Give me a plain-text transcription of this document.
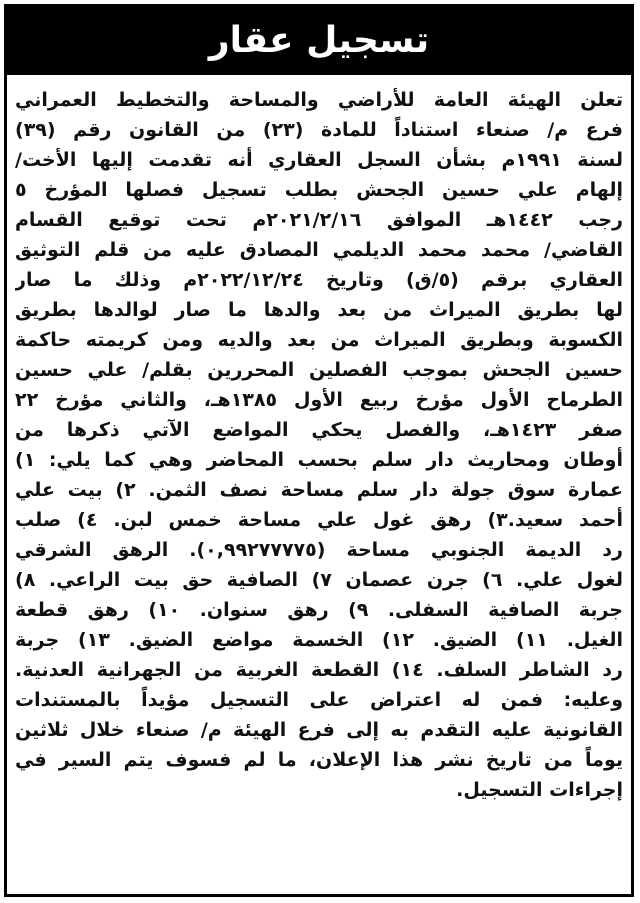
تسجيل عقار
تعلن الهيئة العامة للأراضي والمساحة والتخطيط العمراني
فرع م/ صنعاء استناداً للمادة (٢٣) من القانون رقم (٣٩)
لسنة ١٩٩١م بشأن السجل العقاري أنه تقدمت إليها الأخت/
إلهام علي حسين الجحش بطلب تسجيل فصلها المؤرخ ٥
رجب ١٤٤٢هـ الموافق ٢٠٢١/٢/١٦م تحت توقيع القسام
القاضي/ محمد محمد الديلمي المصادق عليه من قلم التوثيق
العقاري برقم (٥/ق) وتاريخ ٢٠٢٢/١٢/٢٤م وذلك ما صار
لها بطريق الميراث من بعد والدها ما صار لوالدها بطريق
الكسوبة وبطريق الميراث من بعد والديه ومن كريمته حاكمة
حسين الجحش بموجب الفصلين المحررين بقلم/ علي حسين
الطرماح الأول مؤرخ ربيع الأول ١٣٨٥هـ، والثاني مؤرخ ٢٢
صفر ١٤٢٣هـ، والفصل يحكي المواضع الآتي ذكرها من
أوطان ومحاريث دار سلم بحسب المحاضر وهي كما يلي: ١)
عمارة سوق جولة دار سلم مساحة نصف الثمن. ٢) بيت علي
أحمد سعيد.٣) رهق غول علي مساحة خمس لبن. ٤) صلب
رد الديمة الجنوبي مساحة (٠,٩٩٢٧٧٧٧٥). الرهق الشرقي
لغول علي. ٦) جرن عصمان ٧) الصافية حق بيت الراعي. ٨)
جربة الصافية السفلى. ٩) رهق سنوان. ١٠) رهق قطعة
الغيل. ١١) الضيق. ١٢) الخسمة مواضع الضيق. ١٣) جربة
رد الشاطر السلف. ١٤) القطعة الغربية من الجهرانية العدنية.
وعليه: فمن له اعتراض على التسجيل مؤيداً بالمستندات
القانونية عليه التقدم به إلى فرع الهيئة م/ صنعاء خلال ثلاثين
يوماً من تاريخ نشر هذا الإعلان، ما لم فسوف يتم السير في
إجراءات التسجيل.
